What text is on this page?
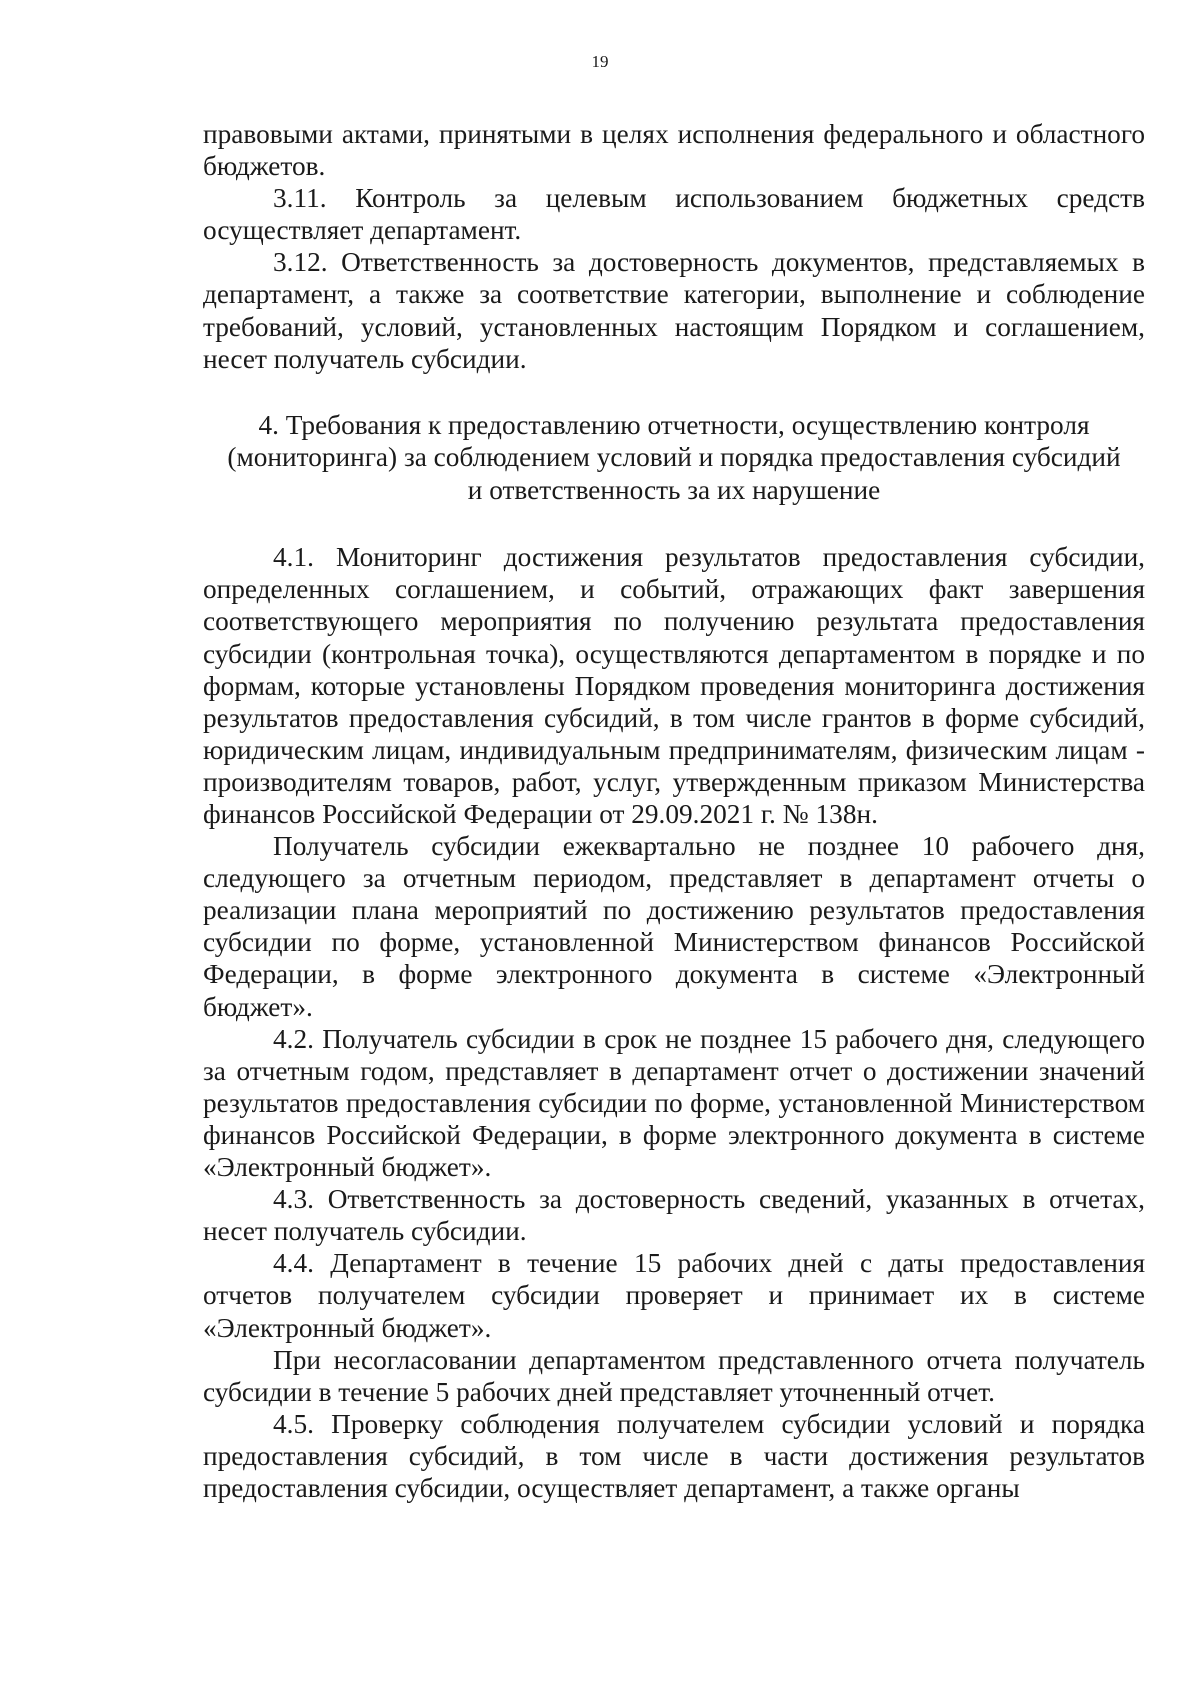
19

правовыми актами, принятыми в целях исполнения федерального и областного бюджетов.

3.11. Контроль за целевым использованием бюджетных средств осуществляет департамент.

3.12. Ответственность за достоверность документов, представляемых в департамент, а также за соответствие категории, выполнение и соблюдение требований, условий, установленных настоящим Порядком и соглашением, несет получатель субсидии.

4. Требования к предоставлению отчетности, осуществлению контроля
(мониторинга) за соблюдением условий и порядка предоставления субсидий
и ответственность за их нарушение

4.1. Мониторинг достижения результатов предоставления субсидии, определенных соглашением, и событий, отражающих факт завершения соответствующего мероприятия по получению результата предоставления субсидии (контрольная точка), осуществляются департаментом в порядке и по формам, которые установлены Порядком проведения мониторинга достижения результатов предоставления субсидий, в том числе грантов в форме субсидий, юридическим лицам, индивидуальным предпринимателям, физическим лицам - производителям товаров, работ, услуг, утвержденным приказом Министерства финансов Российской Федерации от 29.09.2021 г. № 138н.

Получатель субсидии ежеквартально не позднее 10 рабочего дня, следующего за отчетным периодом, представляет в департамент отчеты о реализации плана мероприятий по достижению результатов предоставления субсидии по форме, установленной Министерством финансов Российской Федерации, в форме электронного документа в системе «Электронный бюджет».

4.2. Получатель субсидии в срок не позднее 15 рабочего дня, следующего за отчетным годом, представляет в департамент отчет о достижении значений результатов предоставления субсидии по форме, установленной Министерством финансов Российской Федерации, в форме электронного документа в системе «Электронный бюджет».

4.3. Ответственность за достоверность сведений, указанных в отчетах, несет получатель субсидии.

4.4. Департамент в течение 15 рабочих дней с даты предоставления отчетов получателем субсидии проверяет и принимает их в системе «Электронный бюджет».

При несогласовании департаментом представленного отчета получатель субсидии в течение 5 рабочих дней представляет уточненный отчет.

4.5. Проверку соблюдения получателем субсидии условий и порядка предоставления субсидий, в том числе в части достижения результатов предоставления субсидии, осуществляет департамент, а также органы
